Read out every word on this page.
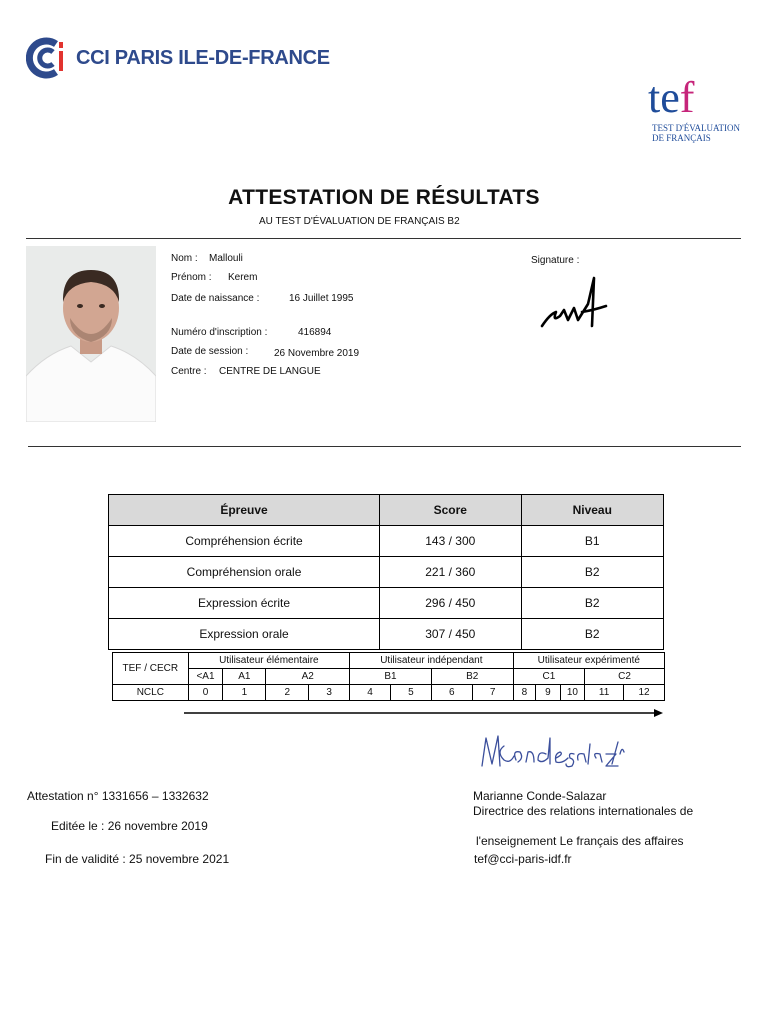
CCI PARIS ILE-DE-FRANCE
tef
TEST D'ÉVALUATION
DE FRANÇAIS
ATTESTATION DE RÉSULTATS
AU TEST D'ÉVALUATION DE FRANÇAIS B2
Nom : Mallouli
Prénom : Kerem
Date de naissance :	16 Juillet 1995
Numéro d'inscription :	416894
Date de session :	26 Novembre 2019
Centre : CENTRE DE LANGUE
Signature :
Épreuve	Score	Niveau
Compréhension écrite	143 / 300	B1
Compréhension orale	221 / 360	B2
Expression écrite	296 / 450	B2
Expression orale	307 / 450	B2
TEF / CECR	Utilisateur élémentaire				Utilisateur indépendant				Utilisateur expérimenté				
	<A1	A1	A2		B1		B2		C1			C2	
NCLC	0	1	2	3	4	5	6	7	8	9	10	11	12
Attestation n° 1331656 – 1332632
Editée le : 26 novembre 2019
Fin de validité : 25 novembre 2021
Marianne Conde-Salazar
Directrice des relations internationales de
l'enseignement Le français des affaires
tef@cci-paris-idf.fr
